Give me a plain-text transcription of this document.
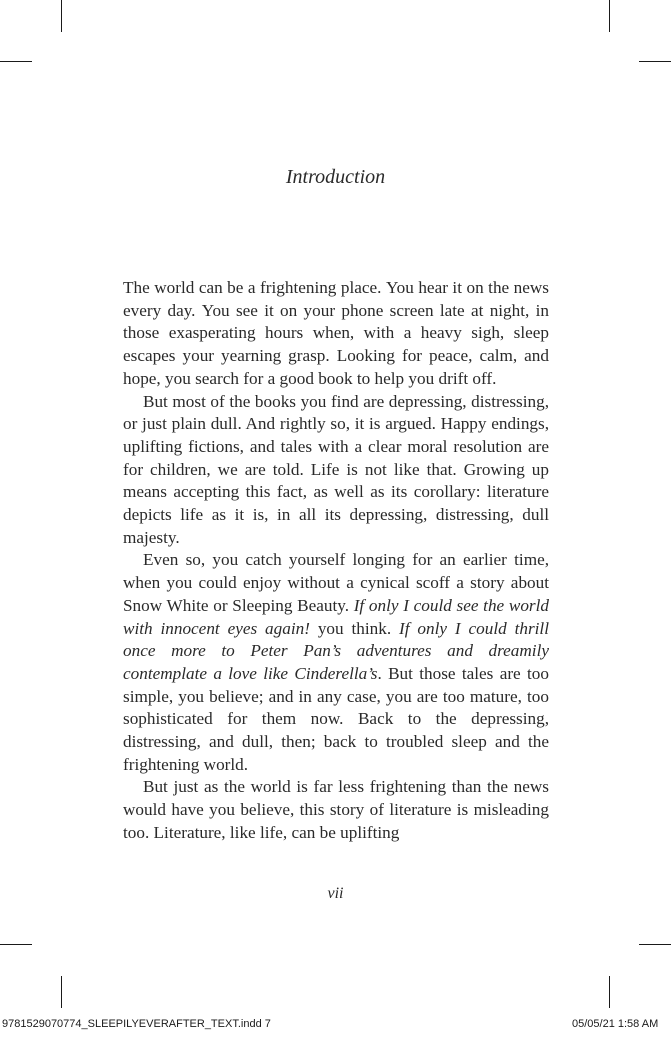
Introduction

The world can be a frightening place. You hear it on the news every day. You see it on your phone screen late at night, in those exasperating hours when, with a heavy sigh, sleep escapes your yearning grasp. Looking for peace, calm, and hope, you search for a good book to help you drift off.

But most of the books you find are depressing, distressing, or just plain dull. And rightly so, it is argued. Happy endings, uplifting fictions, and tales with a clear moral resolution are for children, we are told. Life is not like that. Growing up means accepting this fact, as well as its corollary: literature depicts life as it is, in all its depressing, distressing, dull majesty.

Even so, you catch yourself longing for an earlier time, when you could enjoy without a cynical scoff a story about Snow White or Sleeping Beauty. If only I could see the world with innocent eyes again! you think. If only I could thrill once more to Peter Pan’s adventures and dreamily contemplate a love like Cinderella’s. But those tales are too simple, you believe; and in any case, you are too mature, too sophisticated for them now. Back to the depressing, distressing, and dull, then; back to troubled sleep and the frightening world.

But just as the world is far less frightening than the news would have you believe, this story of literature is misleading too. Literature, like life, can be uplifting

vii
9781529070774_SLEEPILYEVERAFTER_TEXT.indd 7	05/05/21 1:58 AM
